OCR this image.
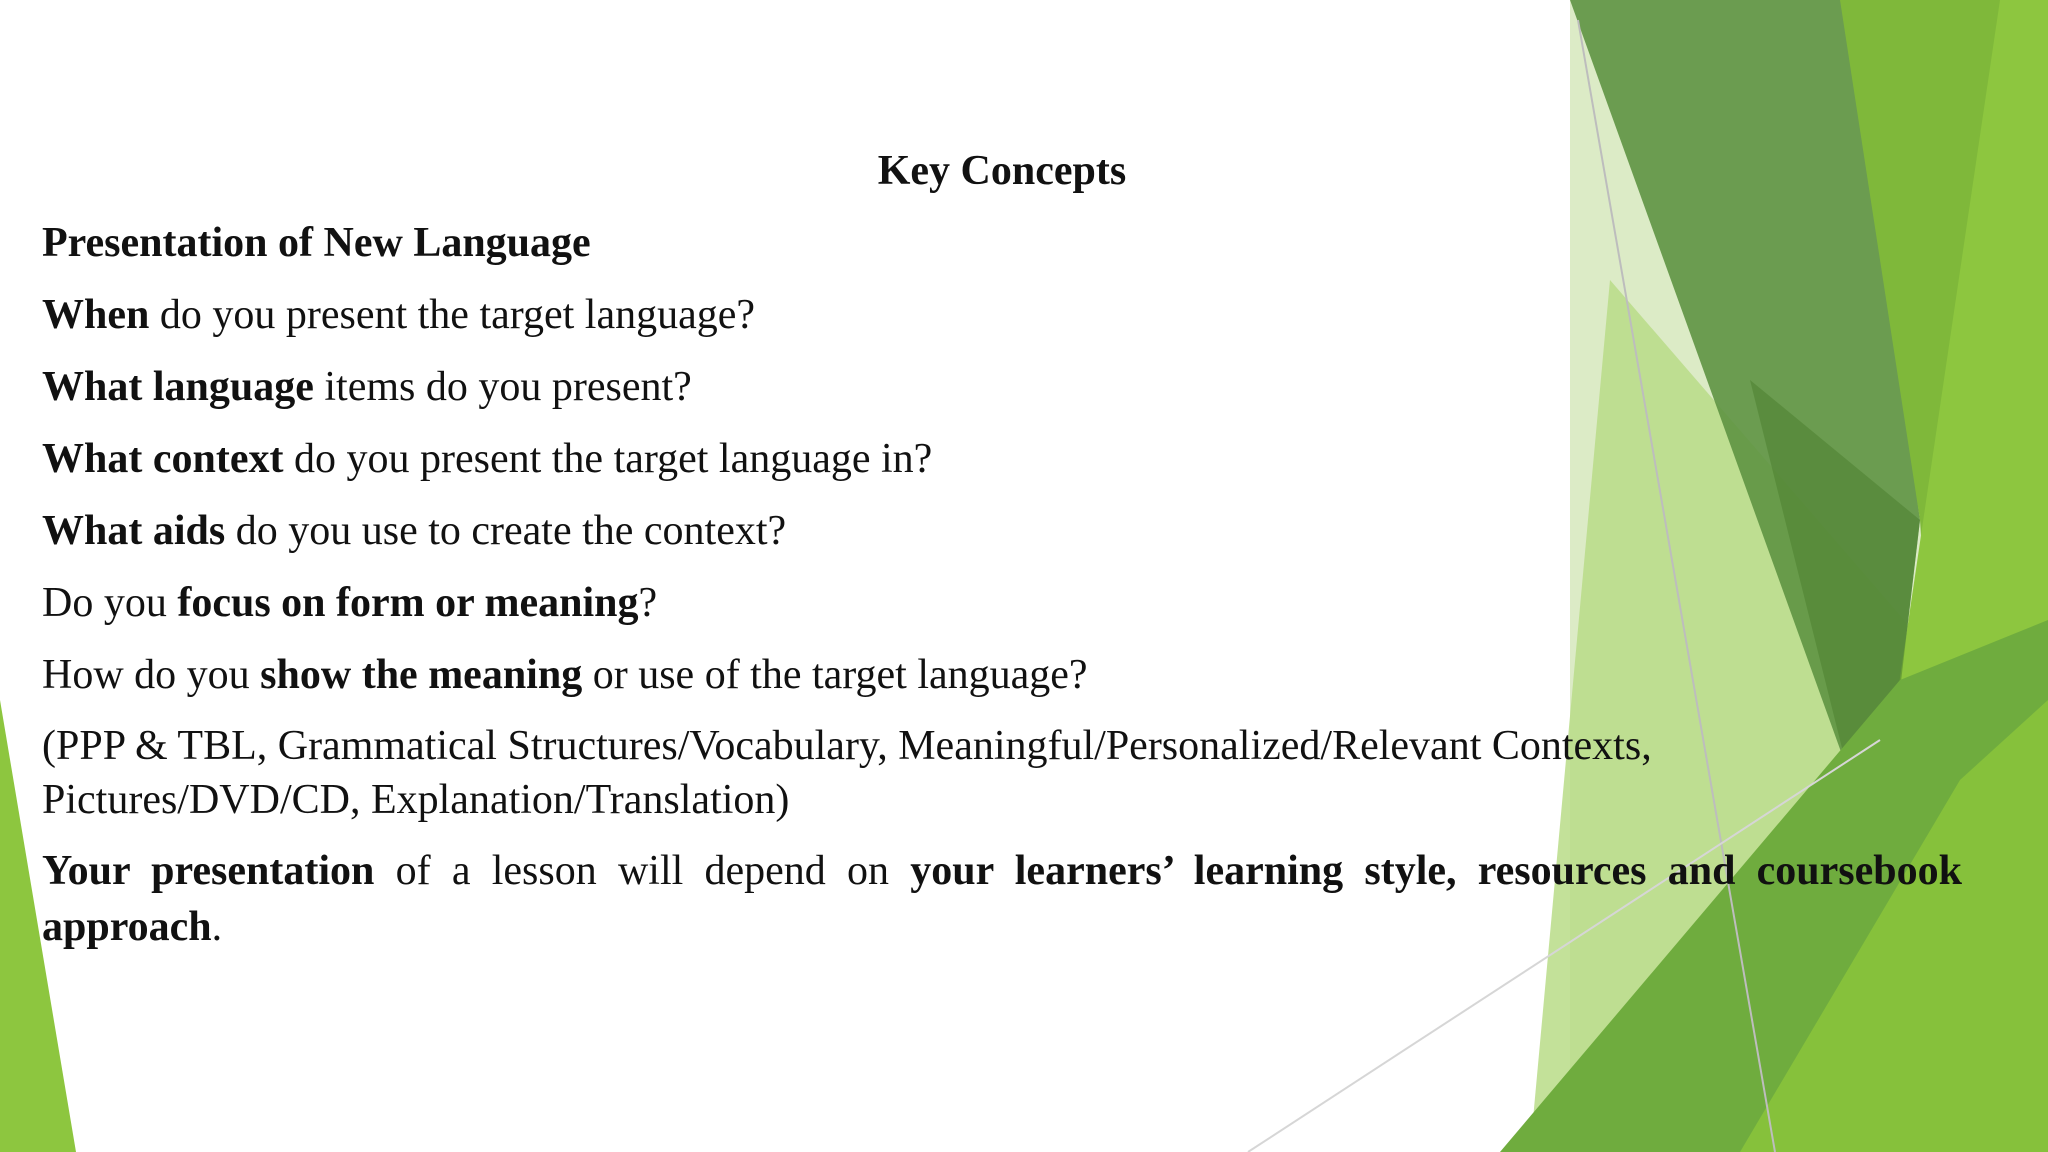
Key Concepts
Presentation of New Language
When do you present the target language?
What language items do you present?
What context do you present the target language in?
What aids do you use to create the context?
Do you focus on form or meaning?
How do you show the meaning or use of the target language?
(PPP & TBL, Grammatical Structures/Vocabulary, Meaningful/Personalized/Relevant Contexts,
Pictures/DVD/CD, Explanation/Translation)
Your presentation of a lesson will depend on your learners’ learning style, resources and coursebook approach.
